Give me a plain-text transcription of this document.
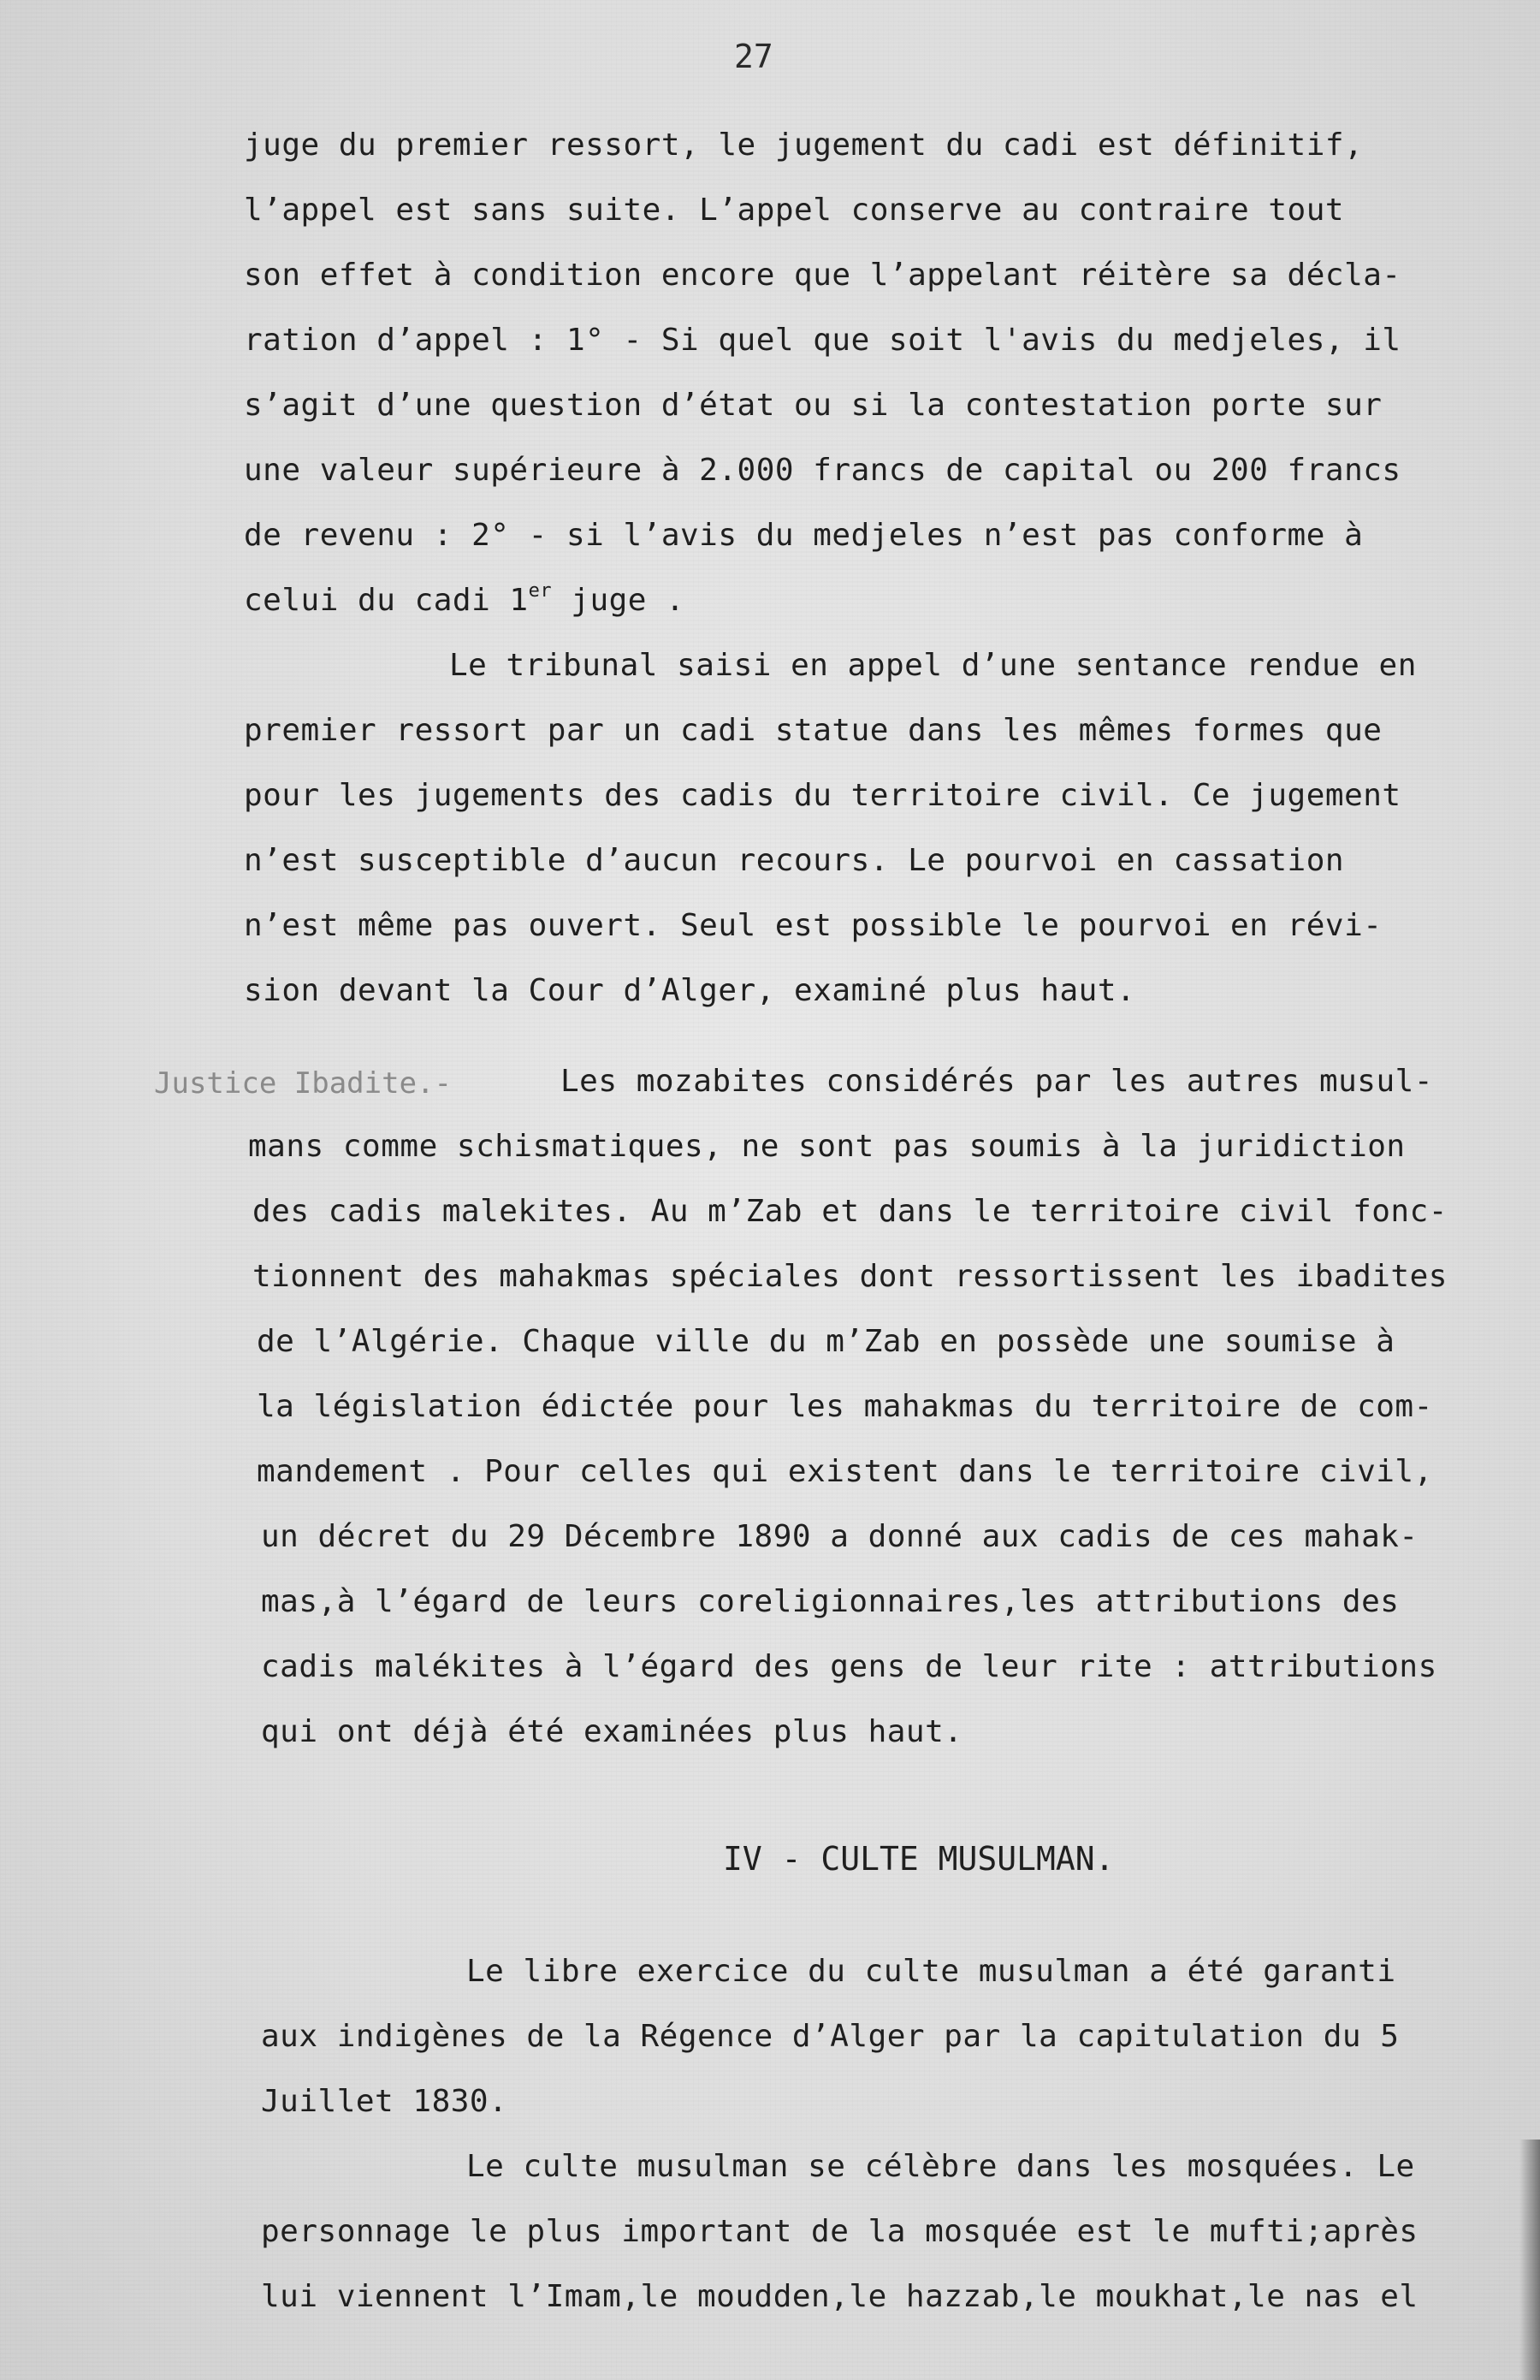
27
Justice Ibadite.-
IV - CULTE MUSULMAN.
juge du premier ressort, le jugement du cadi est définitif,
l’appel est sans suite. L’appel conserve au contraire tout
son effet à condition encore que l’appelant réitère sa décla-
ration d’appel : 1° - Si quel que soit l'avis du medjeles, il
s’agit d’une question d’état ou si la contestation porte sur
une valeur supérieure à 2.000 francs de capital ou 200 francs
de revenu : 2° - si l’avis du medjeles n’est pas conforme à
celui du cadi 1er juge .
Le tribunal saisi en appel d’une sentance rendue en
premier ressort par un cadi statue dans les mêmes formes que
pour les jugements des cadis du territoire civil. Ce jugement
n’est susceptible d’aucun recours. Le pourvoi en cassation
n’est même pas ouvert. Seul est possible le pourvoi en révi-
sion devant la Cour d’Alger, examiné plus haut.
Les mozabites considérés par les autres musul-
mans comme schismatiques, ne sont pas soumis à la juridiction
des cadis malekites. Au m’Zab et dans le territoire civil fonc-
tionnent des mahakmas spéciales dont ressortissent les ibadites
de l’Algérie. Chaque ville du m’Zab en possède une soumise à
la législation édictée pour les mahakmas du territoire de com-
mandement . Pour celles qui existent dans le territoire civil,
un décret du 29 Décembre 1890 a donné aux cadis de ces mahak-
mas,à l’égard de leurs coreligionnaires,les attributions des
cadis malékites à l’égard des gens de leur rite : attributions
qui ont déjà été examinées plus haut.
Le libre exercice du culte musulman a été garanti
aux indigènes de la Régence d’Alger par la capitulation du 5
Juillet 1830.
Le culte musulman se célèbre dans les mosquées. Le
personnage le plus important de la mosquée est le mufti;après
lui viennent l’Imam,le moudden,le hazzab,le moukhat,le nas el
